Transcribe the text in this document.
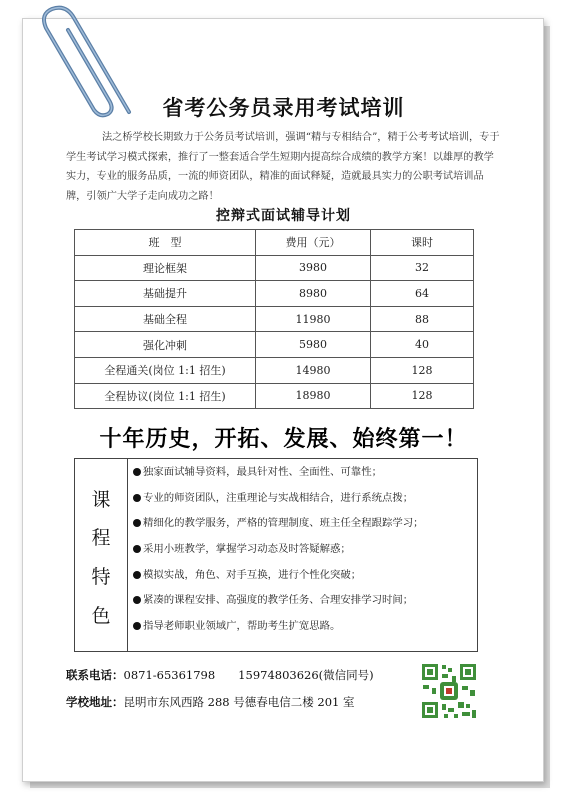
省考公务员录用考试培训
法之桥学校长期致力于公务员考试培训，强调“精与专相结合”，精于公考考试培训，专于学生考试学习模式探索，推行了一整套适合学生短期内提高综合成绩的教学方案！以雄厚的教学实力，专业的服务品质，一流的师资团队，精准的面试释疑，造就最具实力的公职考试培训品牌，引领广大学子走向成功之路！
控辩式面试辅导计划
班　型	费用（元）	课时
理论框架	3980	32
基础提升	8980	64
基础全程	11980	88
强化冲刺	5980	40
全程通关(岗位 1:1 招生)	14980	128
全程协议(岗位 1:1 招生)	18980	128
十年历史，开拓、发展、始终第一！
课
程
特
色
独家面试辅导资料，最具针对性、全面性、可靠性；
专业的师资团队，注重理论与实战相结合，进行系统点拨；
精细化的教学服务，严格的管理制度、班主任全程跟踪学习；
采用小班教学，掌握学习动态及时答疑解惑；
模拟实战，角色、对手互换，进行个性化突破；
紧凑的课程安排、高强度的教学任务、合理安排学习时间；
指导老师职业领域广，帮助考生扩宽思路。
联系电话：0871-65361798　　15974803626(微信同号)
学校地址：昆明市东风西路 288 号德春电信二楼 201 室
